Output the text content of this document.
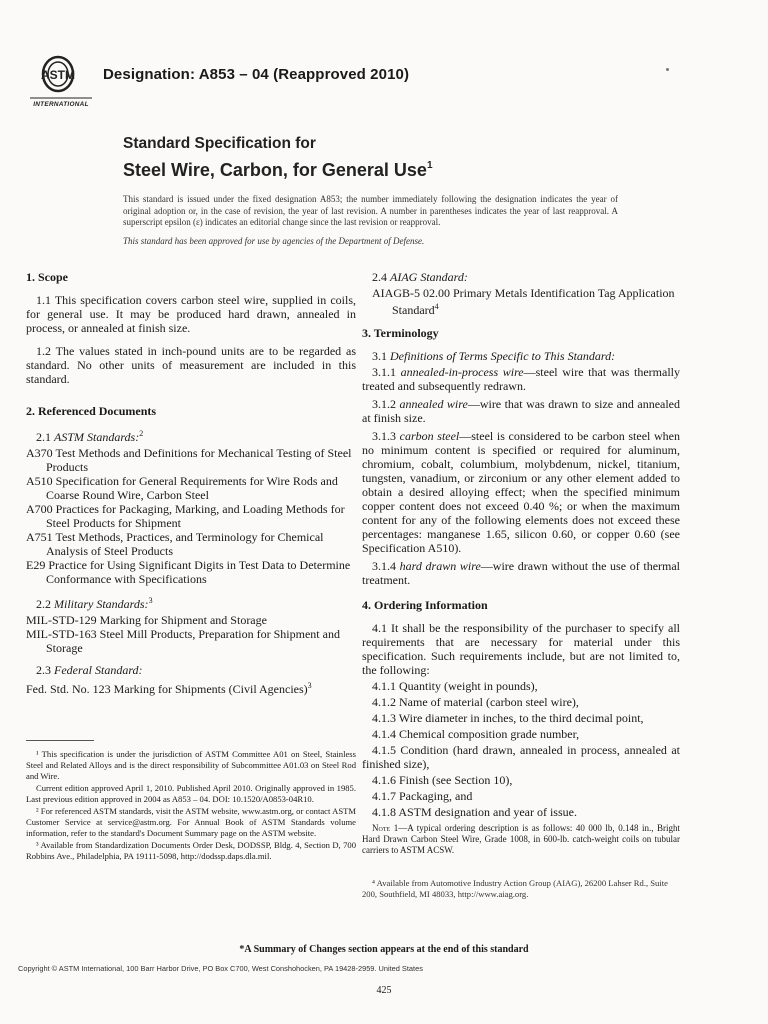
ASTM
INTERNATIONAL
Designation: A853 – 04 (Reapproved 2010)
Standard Specification for
Steel Wire, Carbon, for General Use$^1$
This standard is issued under the fixed designation A853; the number immediately following the designation indicates the year of original adoption or, in the case of revision, the year of last revision. A number in parentheses indicates the year of last reapproval. A superscript epsilon (ε) indicates an editorial change since the last revision or reapproval.
This standard has been approved for use by agencies of the Department of Defense.
1. Scope
1.1 This specification covers carbon steel wire, supplied in coils, for general use. It may be produced hard drawn, annealed in process, or annealed at finish size.
1.2 The values stated in inch-pound units are to be regarded as standard. No other units of measurement are included in this standard.
2. Referenced Documents
2.1 ASTM Standards:$^2$
A370 Test Methods and Definitions for Mechanical Testing of Steel Products
A510 Specification for General Requirements for Wire Rods and Coarse Round Wire, Carbon Steel
A700 Practices for Packaging, Marking, and Loading Methods for Steel Products for Shipment
A751 Test Methods, Practices, and Terminology for Chemical Analysis of Steel Products
E29 Practice for Using Significant Digits in Test Data to Determine Conformance with Specifications
2.2 Military Standards:$^3$
MIL-STD-129 Marking for Shipment and Storage
MIL-STD-163 Steel Mill Products, Preparation for Shipment and Storage
2.3 Federal Standard:
Fed. Std. No. 123 Marking for Shipments (Civil Agencies)$^3$
¹ This specification is under the jurisdiction of ASTM Committee A01 on Steel, Stainless Steel and Related Alloys and is the direct responsibility of Subcommittee A01.03 on Steel Rod and Wire.
Current edition approved April 1, 2010. Published April 2010. Originally approved in 1985. Last previous edition approved in 2004 as A853 – 04. DOI: 10.1520/A0853-04R10.
² For referenced ASTM standards, visit the ASTM website, www.astm.org, or contact ASTM Customer Service at service@astm.org. For Annual Book of ASTM Standards volume information, refer to the standard's Document Summary page on the ASTM website.
³ Available from Standardization Documents Order Desk, DODSSP, Bldg. 4, Section D, 700 Robbins Ave., Philadelphia, PA 19111-5098, http://dodssp.daps.dla.mil.
2.4 AIAG Standard:
AIAGB-5 02.00 Primary Metals Identification Tag Application Standard$^4$
3. Terminology
3.1 Definitions of Terms Specific to This Standard:
3.1.1 annealed-in-process wire—steel wire that was thermally treated and subsequently redrawn.
3.1.2 annealed wire—wire that was drawn to size and annealed at finish size.
3.1.3 carbon steel—steel is considered to be carbon steel when no minimum content is specified or required for aluminum, chromium, cobalt, columbium, molybdenum, nickel, titanium, tungsten, vanadium, or zirconium or any other element added to obtain a desired alloying effect; when the specified minimum copper content does not exceed 0.40 %; or when the maximum content for any of the following elements does not exceed these percentages: manganese 1.65, silicon 0.60, or copper 0.60 (see Specification A510).
3.1.4 hard drawn wire—wire drawn without the use of thermal treatment.
4. Ordering Information
4.1 It shall be the responsibility of the purchaser to specify all requirements that are necessary for material under this specification. Such requirements include, but are not limited to, the following:
4.1.1 Quantity (weight in pounds),
4.1.2 Name of material (carbon steel wire),
4.1.3 Wire diameter in inches, to the third decimal point,
4.1.4 Chemical composition grade number,
4.1.5 Condition (hard drawn, annealed in process, annealed at finished size),
4.1.6 Finish (see Section 10),
4.1.7 Packaging, and
4.1.8 ASTM designation and year of issue.
Note 1—A typical ordering description is as follows: 40 000 lb, 0.148 in., Bright Hard Drawn Carbon Steel Wire, Grade 1008, in 600-lb. catch-weight coils on tubular carriers to ASTM ACSW.
⁴ Available from Automotive Industry Action Group (AIAG), 26200 Lahser Rd., Suite 200, Southfield, MI 48033, http://www.aiag.org.
*A Summary of Changes section appears at the end of this standard
Copyright © ASTM International, 100 Barr Harbor Drive, PO Box C700, West Conshohocken, PA 19428-2959. United States
425
